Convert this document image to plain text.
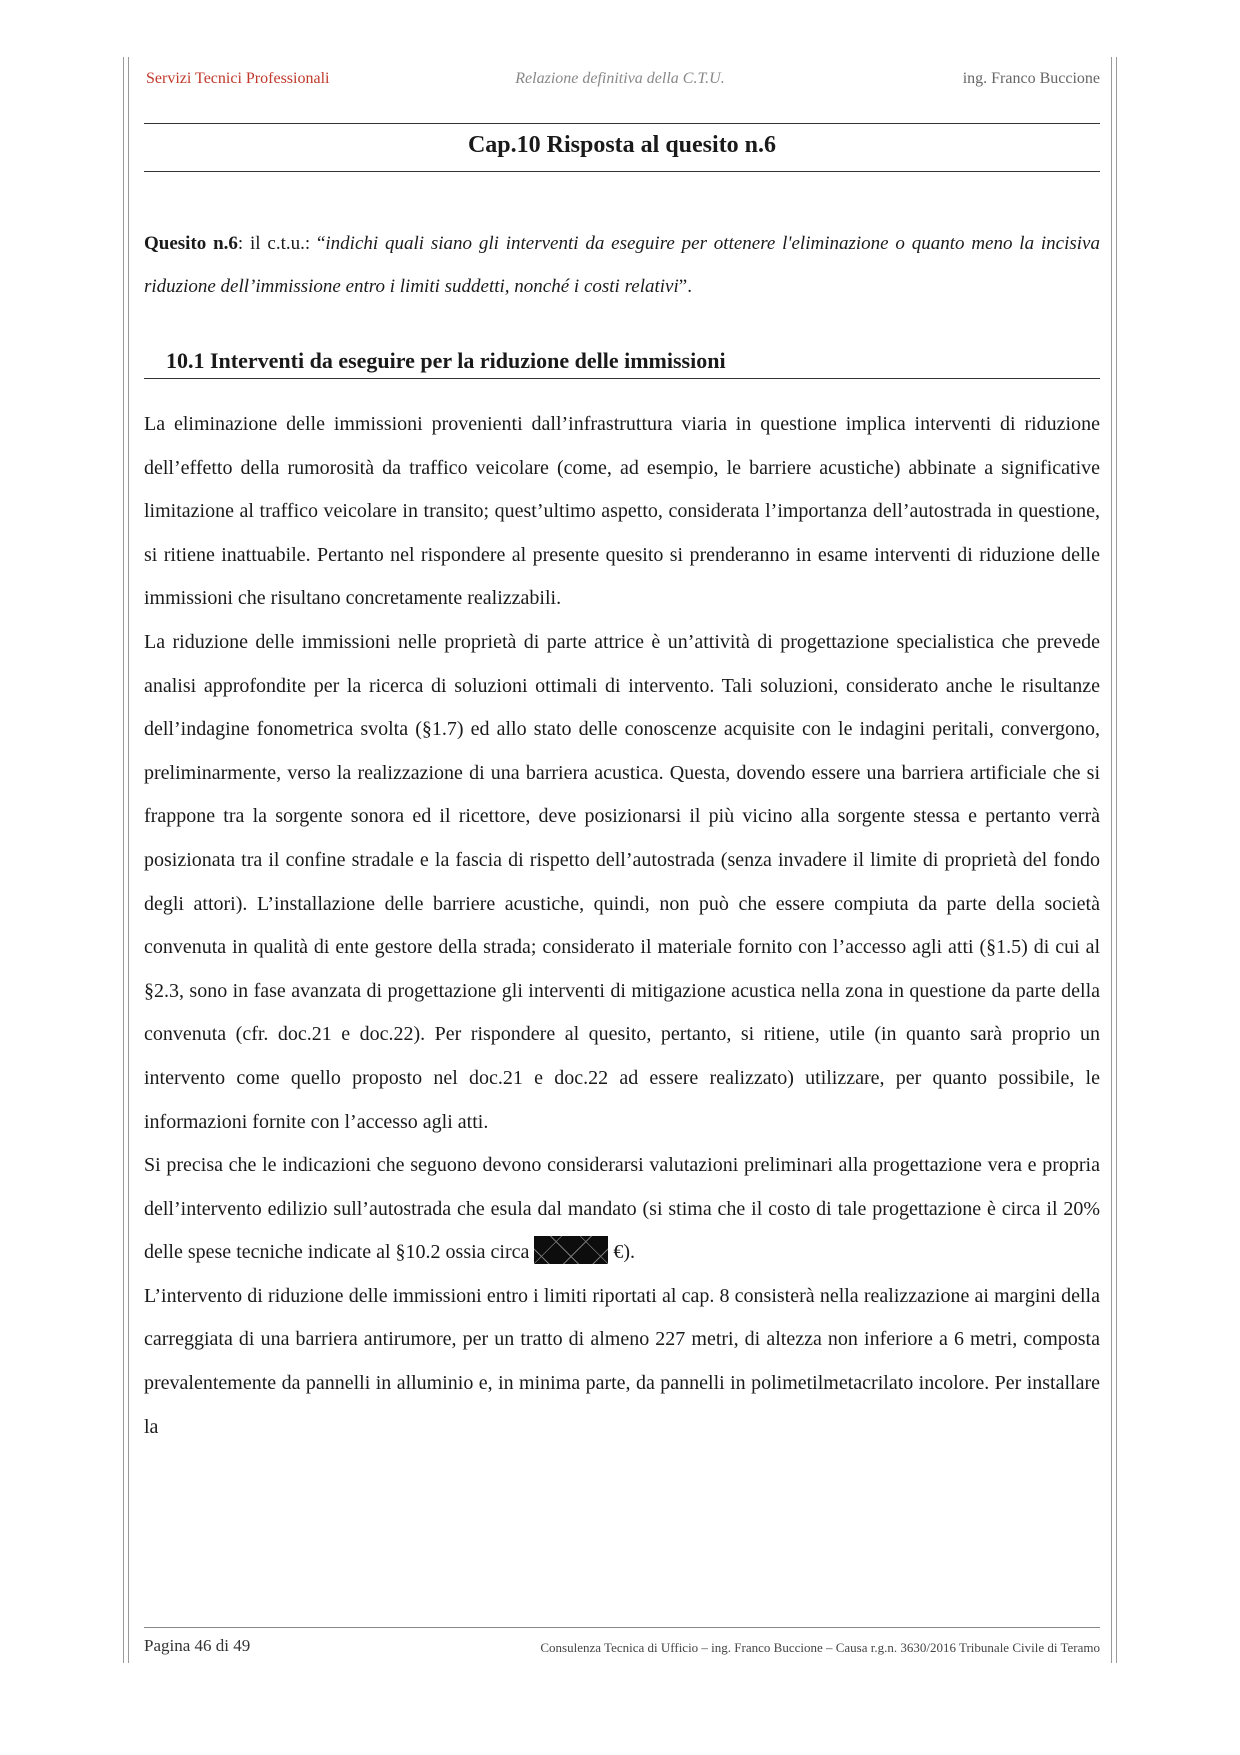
Servizi Tecnici Professionali	Relazione definitiva della C.T.U.	ing. Franco Buccione
Cap.10 Risposta al quesito n.6
Quesito n.6: il c.t.u.: “indichi quali siano gli interventi da eseguire per ottenere l'eliminazione o quanto meno la incisiva riduzione dell’immissione entro i limiti suddetti, nonché i costi relativi”.
10.1 Interventi da eseguire per la riduzione delle immissioni

La eliminazione delle immissioni provenienti dall’infrastruttura viaria in questione implica interventi di riduzione dell’effetto della rumorosità da traffico veicolare (come, ad esempio, le barriere acustiche) abbinate a significative limitazione al traffico veicolare in transito; quest’ultimo aspetto, considerata l’importanza dell’autostrada in questione, si ritiene inattuabile. Pertanto nel rispondere al presente quesito si prenderanno in esame interventi di riduzione delle immissioni che risultano concretamente realizzabili.

La riduzione delle immissioni nelle proprietà di parte attrice è un’attività di progettazione specialistica che prevede analisi approfondite per la ricerca di soluzioni ottimali di intervento. Tali soluzioni, considerato anche le risultanze dell’indagine fonometrica svolta (§1.7) ed allo stato delle conoscenze acquisite con le indagini peritali, convergono, preliminarmente, verso la realizzazione di una barriera acustica. Questa, dovendo essere una barriera artificiale che si frappone tra la sorgente sonora ed il ricettore, deve posizionarsi il più vicino alla sorgente stessa e pertanto verrà posizionata tra il confine stradale e la fascia di rispetto dell’autostrada (senza invadere il limite di proprietà del fondo degli attori). L’installazione delle barriere acustiche, quindi, non può che essere compiuta da parte della società convenuta in qualità di ente gestore della strada; considerato il materiale fornito con l’accesso agli atti (§1.5) di cui al §2.3, sono in fase avanzata di progettazione gli interventi di mitigazione acustica nella zona in questione da parte della convenuta (cfr. doc.21 e doc.22). Per rispondere al quesito, pertanto, si ritiene, utile (in quanto sarà proprio un intervento come quello proposto nel doc.21 e doc.22 ad essere realizzato) utilizzare, per quanto possibile, le informazioni fornite con l’accesso agli atti.

Si precisa che le indicazioni che seguono devono considerarsi valutazioni preliminari alla progettazione vera e propria dell’intervento edilizio sull’autostrada che esula dal mandato (si stima che il costo di tale progettazione è circa il 20% delle spese tecniche indicate al §10.2 ossia circa	€).

L’intervento di riduzione delle immissioni entro i limiti riportati al cap. 8 consisterà nella realizzazione ai margini della carreggiata di una barriera antirumore, per un tratto di almeno 227 metri, di altezza non inferiore a 6 metri, composta prevalentemente da pannelli in alluminio e, in minima parte, da pannelli in polimetilmetacrilato incolore. Per installare la

Pagina 46 di 49	Consulenza Tecnica di Ufficio – ing. Franco Buccione – Causa r.g.n. 3630/2016 Tribunale Civile di Teramo
